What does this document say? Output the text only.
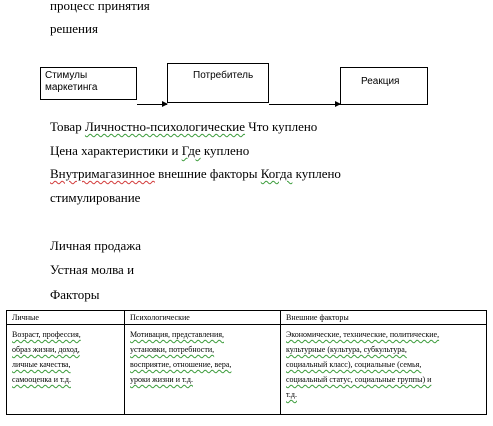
процесс принятия
решения
Стимулы маркетинга
Потребитель
Реакция
Товар Личностно-психологические Что куплено
Цена характеристики и Где куплено
Внутримагазинное внешние факторы Когда куплено
стимулирование
Личная продажа
Устная молва и
Факторы
Личные	Психологические	Внешние факторы
Возраст, профессия,
образ жизни, доход,
личные качества,
самооценка и т.д.	Мотивация, представления,
установки, потребности,
восприятие, отношение, вера,
уроки жизни и т.д.	Экономические, технические, политические,
культурные (культура, субкультура,
социальный класс), социальные (семья,
социальный статус, социальные группы) и
т.д.
